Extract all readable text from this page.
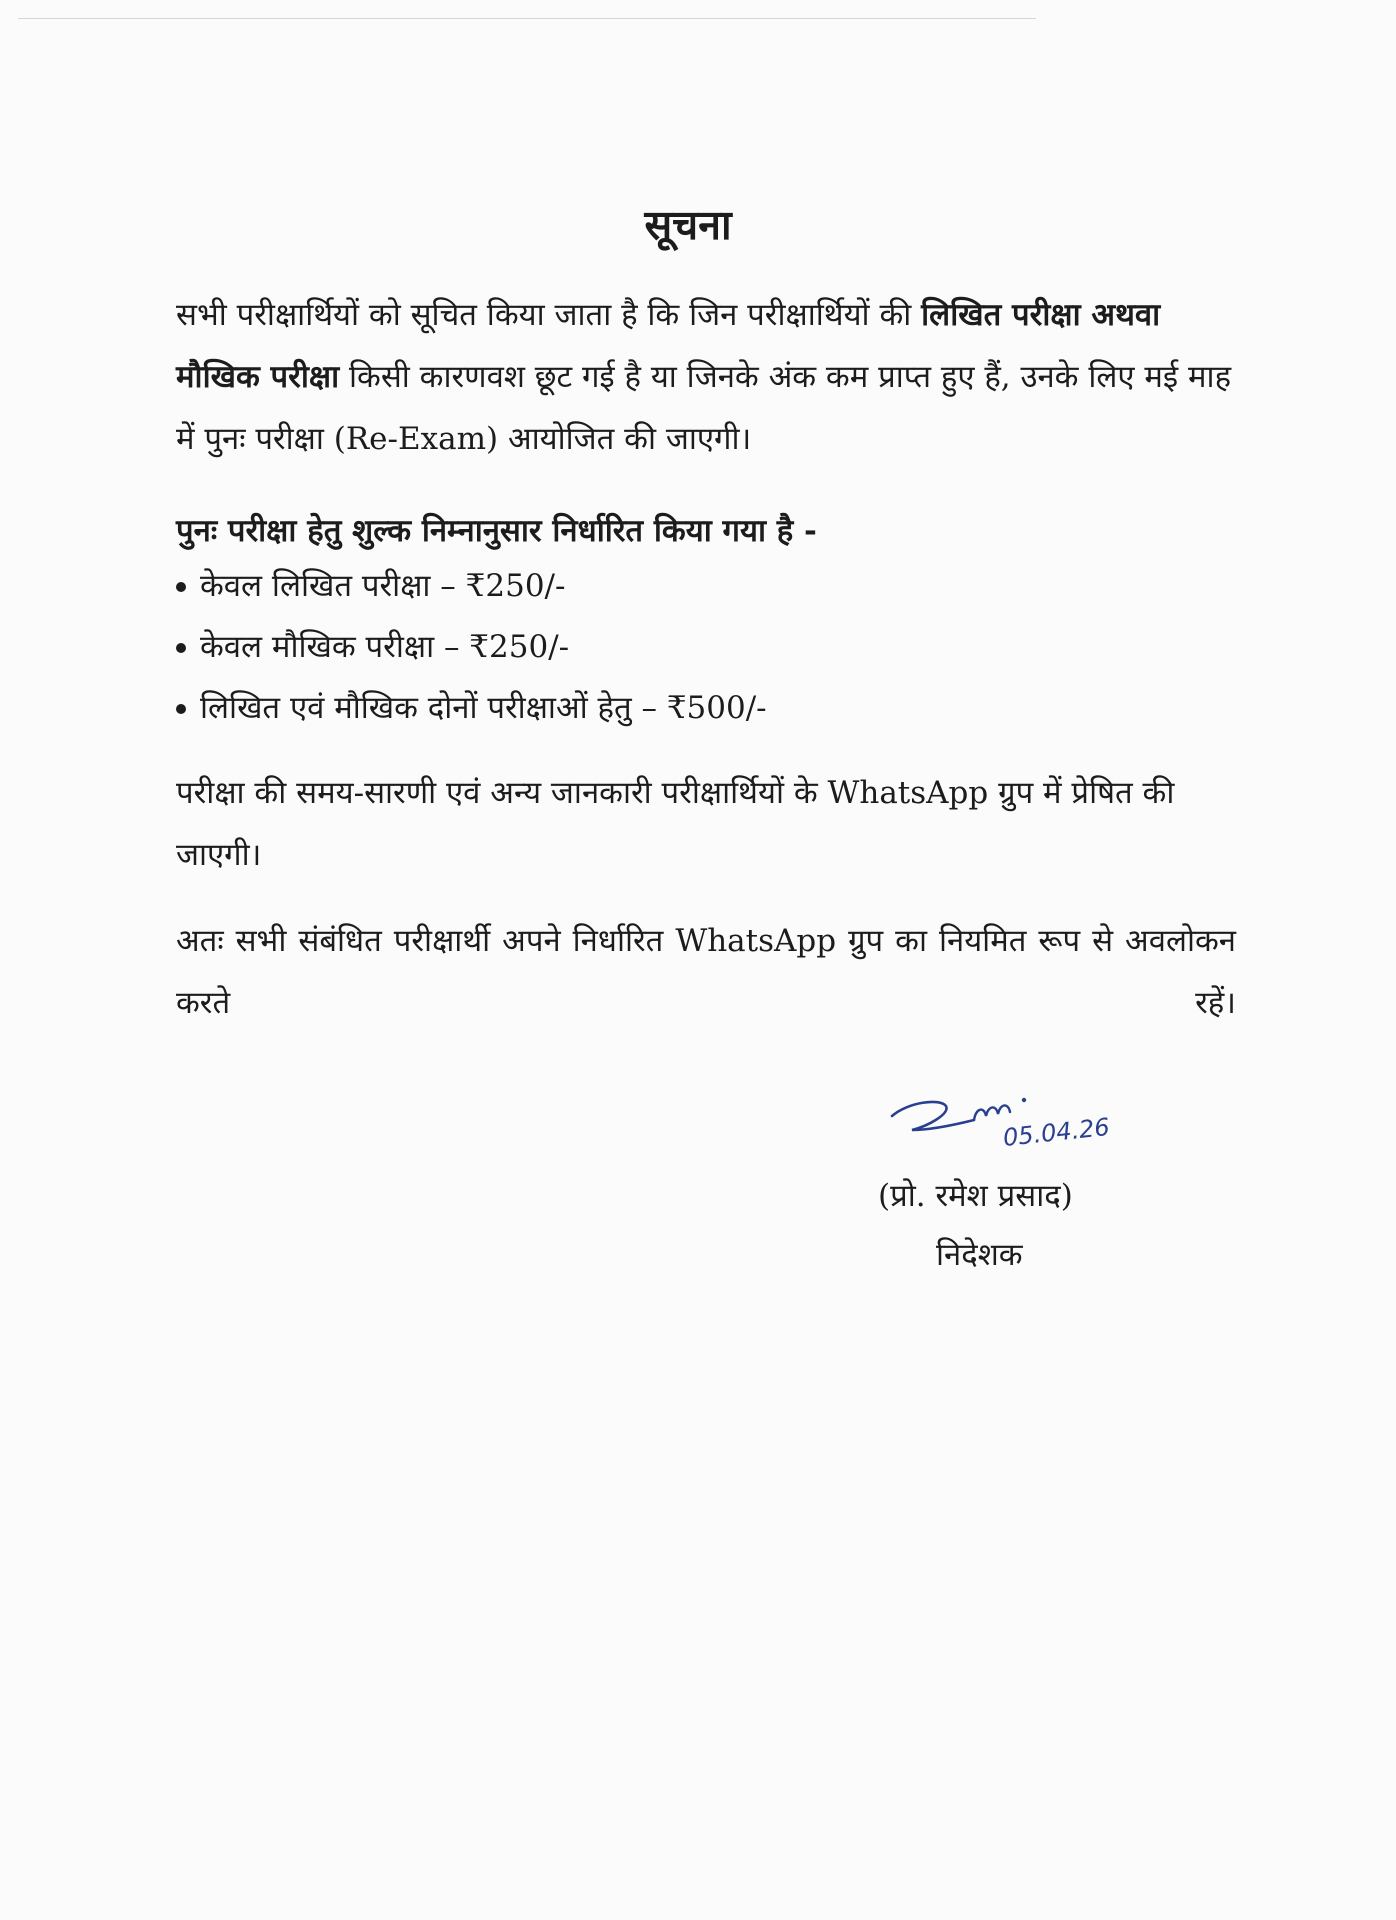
सूचना

सभी परीक्षार्थियों को सूचित किया जाता है कि जिन परीक्षार्थियों की लिखित परीक्षा अथवा मौखिक परीक्षा किसी कारणवश छूट गई है या जिनके अंक कम प्राप्त हुए हैं, उनके लिए मई माह में पुनः परीक्षा (Re-Exam) आयोजित की जाएगी।

पुनः परीक्षा हेतु शुल्क निम्नानुसार निर्धारित किया गया है -

केवल लिखित परीक्षा – ₹250/-
केवल मौखिक परीक्षा – ₹250/-
लिखित एवं मौखिक दोनों परीक्षाओं हेतु – ₹500/-

परीक्षा की समय-सारणी एवं अन्य जानकारी परीक्षार्थियों के WhatsApp ग्रुप में प्रेषित की जाएगी।

अतः सभी संबंधित परीक्षार्थी अपने निर्धारित WhatsApp ग्रुप का नियमित रूप से अवलोकन करते रहें।

05.04.26

(प्रो. रमेश प्रसाद)

निदेशक
